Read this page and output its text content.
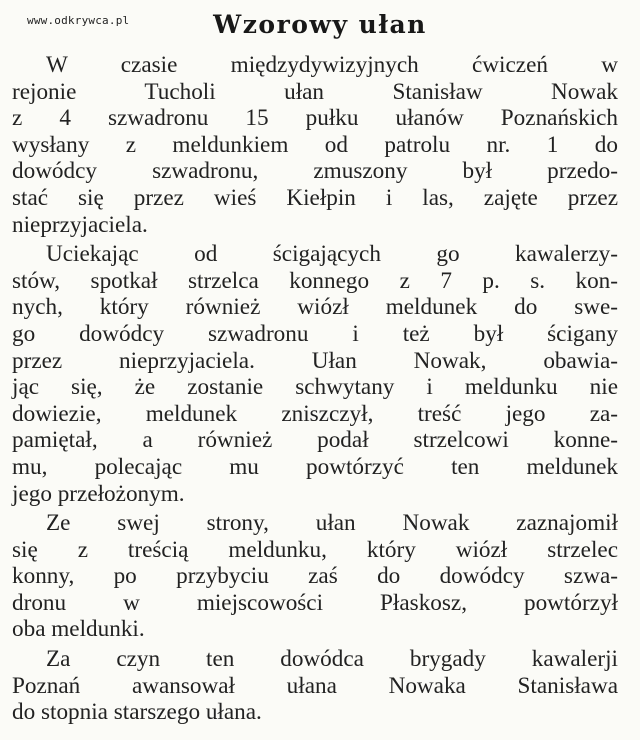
www.odkrywca.pl	Wzorowy ułan
W czasie międzydywizyjnych ćwiczeń w
rejonie Tucholi ułan Stanisław Nowak
z 4 szwadronu 15 pułku ułanów Poznańskich
wysłany z meldunkiem od patrolu nr. 1 do
dowódcy szwadronu, zmuszony był przedo-
stać się przez wieś Kiełpin i las, zajęte przez
nieprzyjaciela.
Uciekając od ścigających go kawalerzy-
stów, spotkał strzelca konnego z 7 p. s. kon-
nych, który również wiózł meldunek do swe-
go dowódcy szwadronu i też był ścigany
przez nieprzyjaciela. Ułan Nowak, obawia-
jąc się, że zostanie schwytany i meldunku nie
dowiezie, meldunek zniszczył, treść jego za-
pamiętał, a również podał strzelcowi konne-
mu, polecając mu powtórzyć ten meldunek
jego przełożonym.
Ze swej strony, ułan Nowak zaznajomił
się z treścią meldunku, który wiózł strzelec
konny, po przybyciu zaś do dowódcy szwa-
dronu w miejscowości Płaskosz, powtórzył
oba meldunki.
Za czyn ten dowódca brygady kawalerji
Poznań awansował ułana Nowaka Stanisława
do stopnia starszego ułana.
